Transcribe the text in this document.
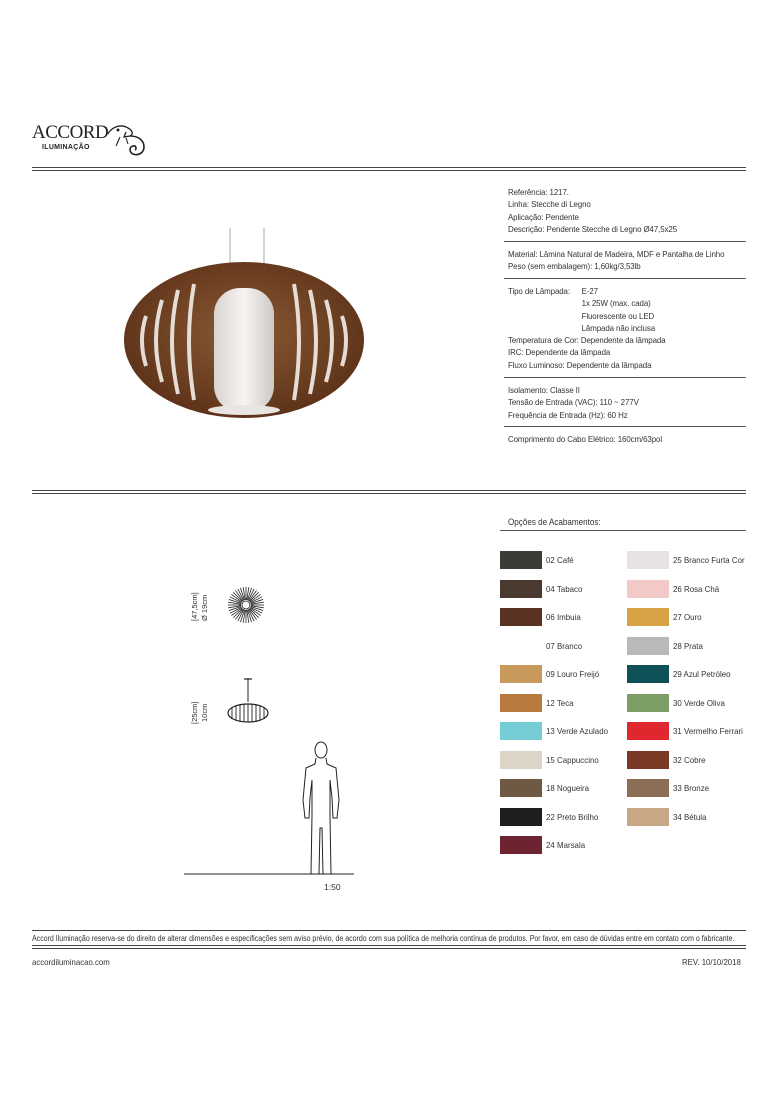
ACCORD
ILUMINAÇÃO
Referência: 1217.
Linha: Stecche di Legno
Aplicação: Pendente
Descrição: Pendente Stecche di Legno Ø47,5x25
Material: Lâmina Natural de Madeira, MDF e Pantalha de Linho
Peso (sem embalagem): 1,60kg/3,53lb
Tipo de Lâmpada: E-27
1x 25W (max. cada)
Fluorescente ou LED
Lâmpada não inclusa
Temperatura de Cor: Dependente da lâmpada
IRC: Dependente da lâmpada
Fluxo Luminoso: Dependente da lâmpada
Isolamento: Classe II
Tensão de Entrada (VAC): 110 ~ 277V
Frequência de Entrada (Hz): 60 Hz
Comprimento do Cabo Elétrico: 160cm/63pol
[47,5cm] Ø 19cm
[25cm] 10cm
1:50
Opções de Acabamentos:
02 Café
04 Tabaco
06 Imbuia
07 Branco
09 Louro Freijó
12 Teca
13 Verde Azulado
15 Cappuccino
18 Nogueira
22 Preto Brilho
24 Marsala
25 Branco Furta Cor
26 Rosa Chá
27 Ouro
28 Prata
29 Azul Petróleo
30 Verde Oliva
31 Vermelho Ferrari
32 Cobre
33 Bronze
34 Bétula
Accord Iluminação reserva-se do direito de alterar dimensões e especificações sem aviso prévio, de acordo com sua política de melhoria contínua de produtos. Por favor, em caso de dúvidas entre em contato com o fabricante.
accordiluminacao.com	REV. 10/10/2018
